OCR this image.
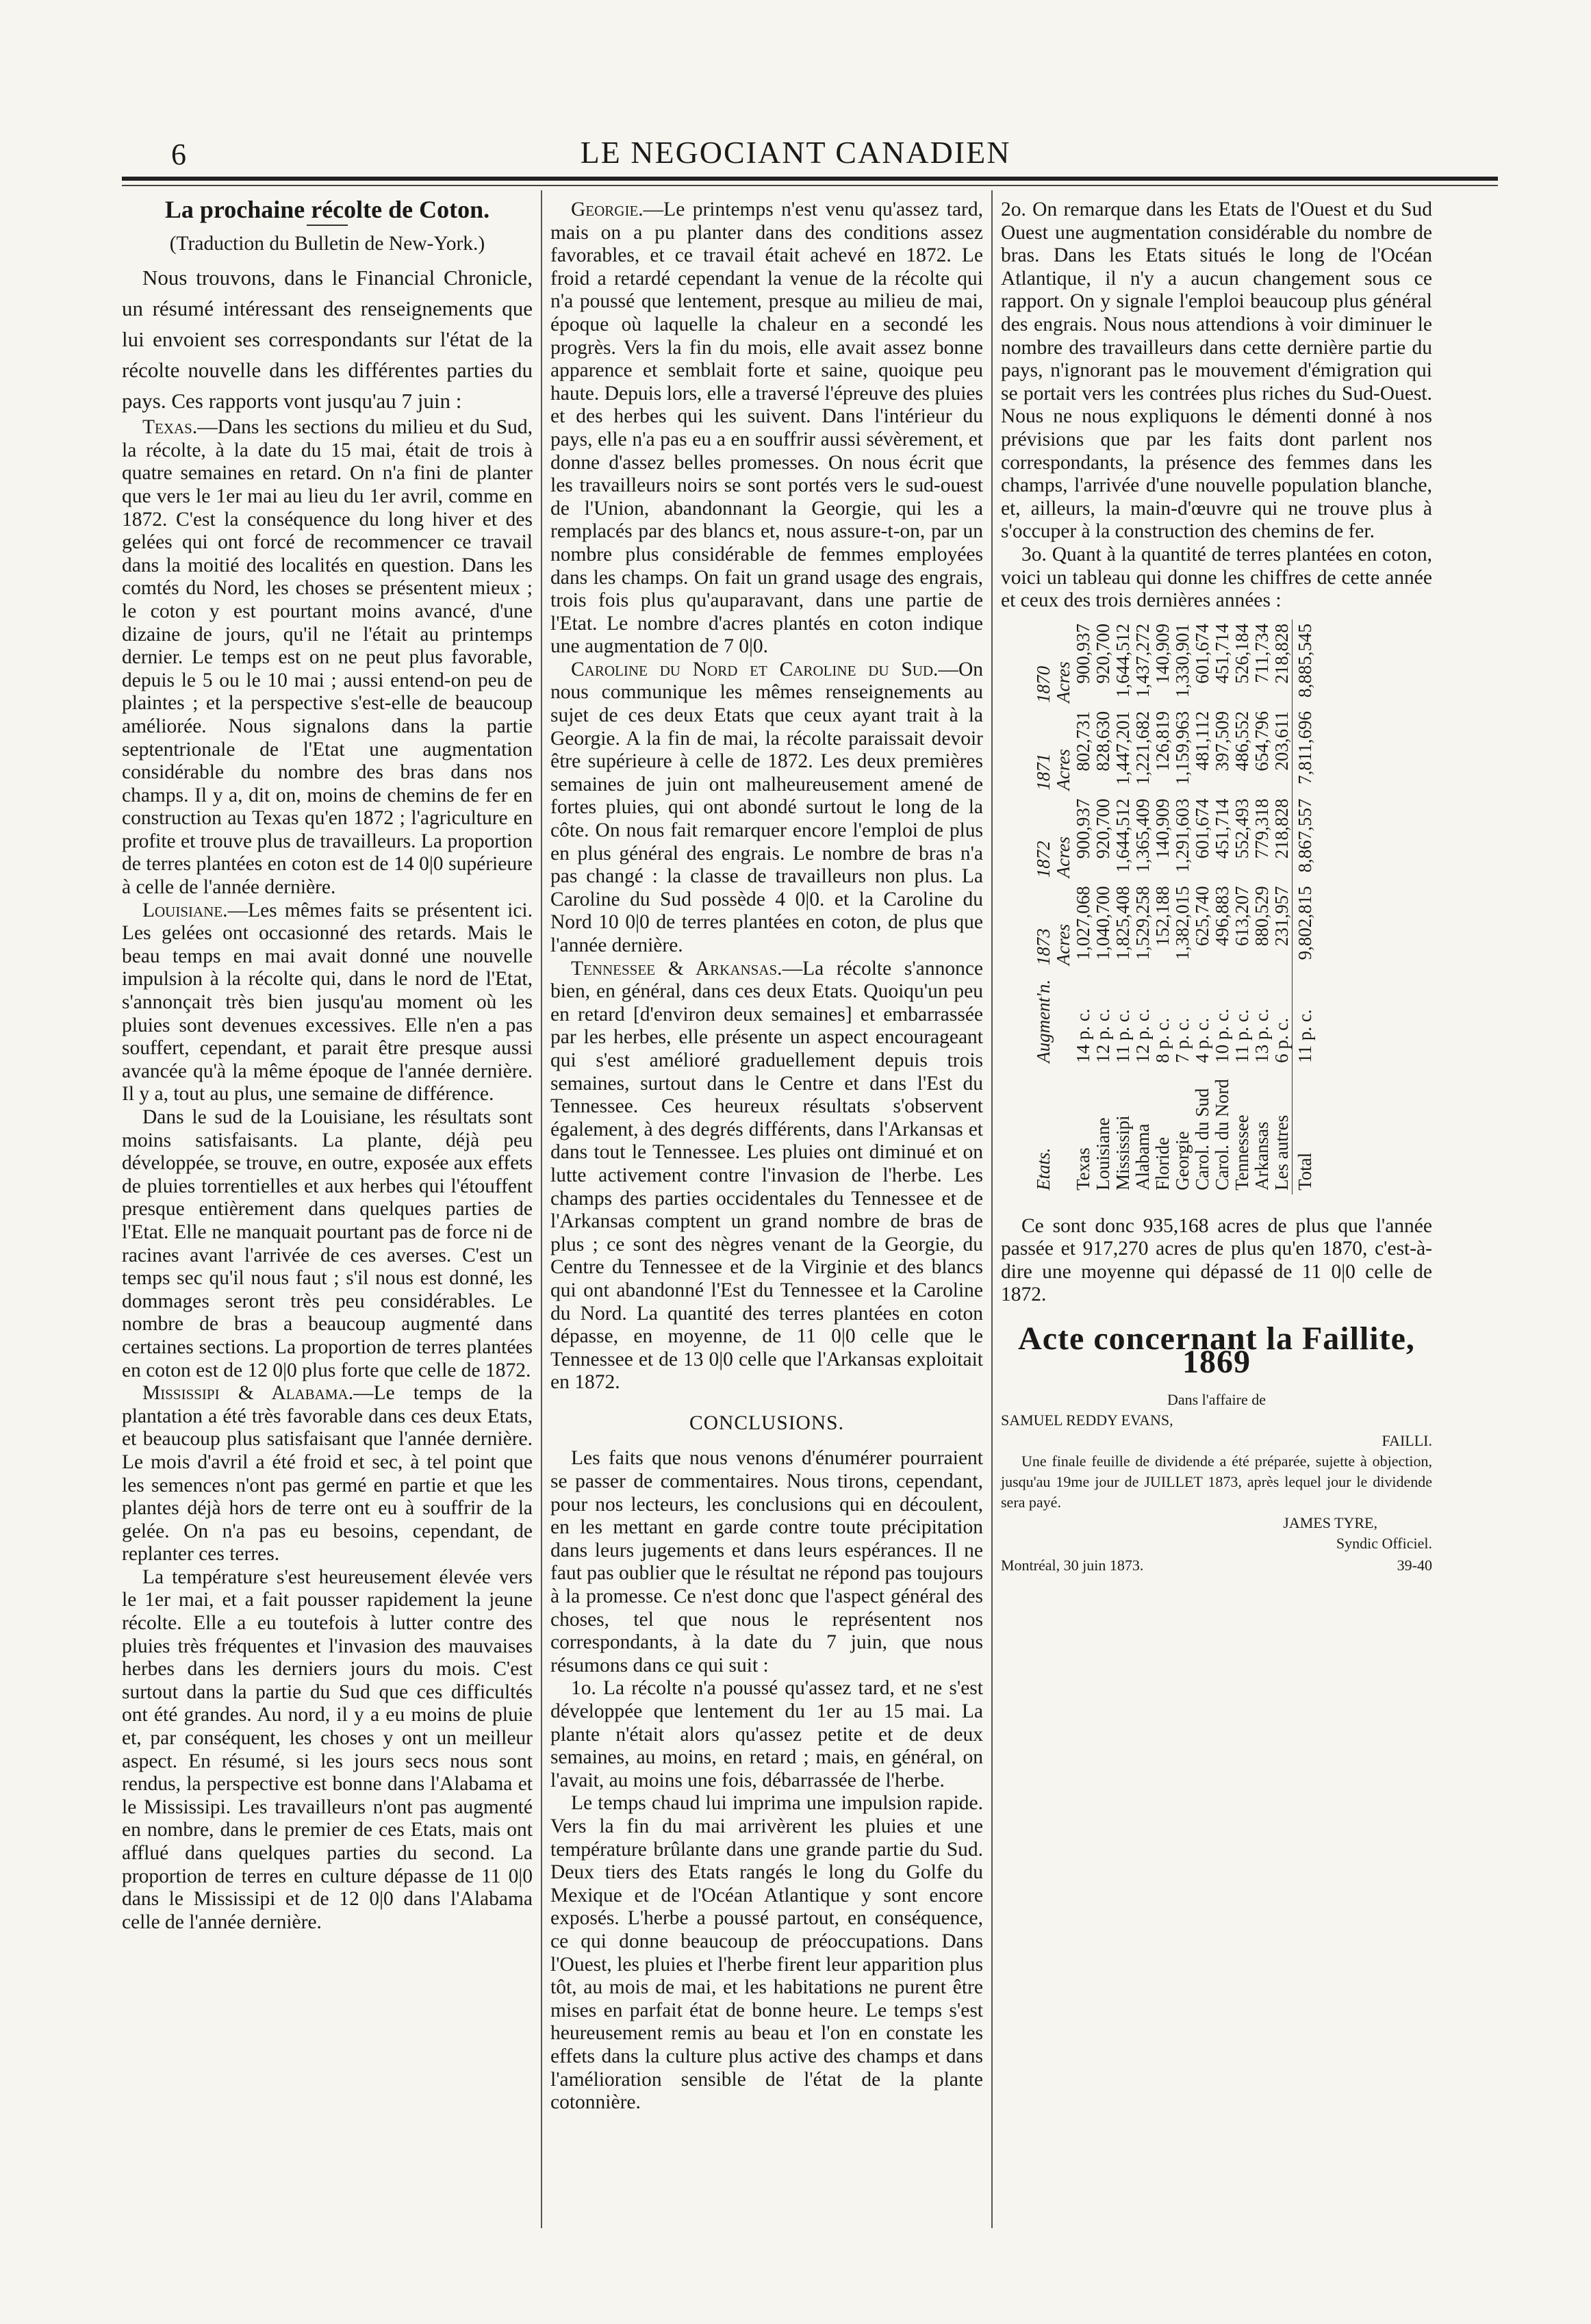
6	LE NEGOCIANT CANADIEN

La prochaine récolte de Coton.

(Traduction du Bulletin de New-York.)

Nous trouvons, dans le Financial Chronicle, un résumé intéressant des renseignements que lui envoient ses correspondants sur l'état de la récolte nouvelle dans les différentes parties du pays. Ces rapports vont jusqu'au 7 juin :

Texas.—Dans les sections du milieu et du Sud, la récolte, à la date du 15 mai, était de trois à quatre semaines en retard. On n'a fini de planter que vers le 1er mai au lieu du 1er avril, comme en 1872. C'est la conséquence du long hiver et des gelées qui ont forcé de recommencer ce travail dans la moitié des localités en question. Dans les comtés du Nord, les choses se présentent mieux ; le coton y est pourtant moins avancé, d'une dizaine de jours, qu'il ne l'était au printemps dernier. Le temps est on ne peut plus favorable, depuis le 5 ou le 10 mai ; aussi entend-on peu de plaintes ; et la perspective s'est-elle de beaucoup améliorée. Nous signalons dans la partie septentrionale de l'Etat une augmentation considérable du nombre des bras dans nos champs. Il y a, dit on, moins de chemins de fer en construction au Texas qu'en 1872 ; l'agriculture en profite et trouve plus de travailleurs. La proportion de terres plantées en coton est de 14 0|0 supérieure à celle de l'année dernière.

Louisiane.—Les mêmes faits se présentent ici. Les gelées ont occasionné des retards. Mais le beau temps en mai avait donné une nouvelle impulsion à la récolte qui, dans le nord de l'Etat, s'annonçait très bien jusqu'au moment où les pluies sont devenues excessives. Elle n'en a pas souffert, cependant, et parait être presque aussi avancée qu'à la même époque de l'année dernière. Il y a, tout au plus, une semaine de différence.

Dans le sud de la Louisiane, les résultats sont moins satisfaisants. La plante, déjà peu développée, se trouve, en outre, exposée aux effets de pluies torrentielles et aux herbes qui l'étouffent presque entièrement dans quelques parties de l'Etat. Elle ne manquait pourtant pas de force ni de racines avant l'arrivée de ces averses. C'est un temps sec qu'il nous faut ; s'il nous est donné, les dommages seront très peu considérables. Le nombre de bras a beaucoup augmenté dans certaines sections. La proportion de terres plantées en coton est de 12 0|0 plus forte que celle de 1872.

Mississipi & Alabama.—Le temps de la plantation a été très favorable dans ces deux Etats, et beaucoup plus satisfaisant que l'année dernière. Le mois d'avril a été froid et sec, à tel point que les semences n'ont pas germé en partie et que les plantes déjà hors de terre ont eu à souffrir de la gelée. On n'a pas eu besoins, cependant, de replanter ces terres.

La température s'est heureusement élevée vers le 1er mai, et a fait pousser rapidement la jeune récolte. Elle a eu toutefois à lutter contre des pluies très fréquentes et l'invasion des mauvaises herbes dans les derniers jours du mois. C'est surtout dans la partie du Sud que ces difficultés ont été grandes. Au nord, il y a eu moins de pluie et, par conséquent, les choses y ont un meilleur aspect. En résumé, si les jours secs nous sont rendus, la perspective est bonne dans l'Alabama et le Mississipi. Les travailleurs n'ont pas augmenté en nombre, dans le premier de ces Etats, mais ont afflué dans quelques parties du second. La proportion de terres en culture dépasse de 11 0|0 dans le Mississipi et de 12 0|0 dans l'Alabama celle de l'année dernière.

Georgie.—Le printemps n'est venu qu'assez tard, mais on a pu planter dans des conditions assez favorables, et ce travail était achevé en 1872. Le froid a retardé cependant la venue de la récolte qui n'a poussé que lentement, presque au milieu de mai, époque où laquelle la chaleur en a secondé les progrès. Vers la fin du mois, elle avait assez bonne apparence et semblait forte et saine, quoique peu haute. Depuis lors, elle a traversé l'épreuve des pluies et des herbes qui les suivent. Dans l'intérieur du pays, elle n'a pas eu a en souffrir aussi sévèrement, et donne d'assez belles promesses. On nous écrit que les travailleurs noirs se sont portés vers le sud-ouest de l'Union, abandonnant la Georgie, qui les a remplacés par des blancs et, nous assure-t-on, par un nombre plus considérable de femmes employées dans les champs. On fait un grand usage des engrais, trois fois plus qu'auparavant, dans une partie de l'Etat. Le nombre d'acres plantés en coton indique une augmentation de 7 0|0.

Caroline du Nord et Caroline du Sud.—On nous communique les mêmes renseignements au sujet de ces deux Etats que ceux ayant trait à la Georgie. A la fin de mai, la récolte paraissait devoir être supérieure à celle de 1872. Les deux premières semaines de juin ont malheureusement amené de fortes pluies, qui ont abondé surtout le long de la côte. On nous fait remarquer encore l'emploi de plus en plus général des engrais. Le nombre de bras n'a pas changé : la classe de travailleurs non plus. La Caroline du Sud possède 4 0|0. et la Caroline du Nord 10 0|0 de terres plantées en coton, de plus que l'année dernière.

Tennessee & Arkansas.—La récolte s'annonce bien, en général, dans ces deux Etats. Quoiqu'un peu en retard [d'environ deux semaines] et embarrassée par les herbes, elle présente un aspect encourageant qui s'est amélioré graduellement depuis trois semaines, surtout dans le Centre et dans l'Est du Tennessee. Ces heureux résultats s'observent également, à des degrés différents, dans l'Arkansas et dans tout le Tennessee. Les pluies ont diminué et on lutte activement contre l'invasion de l'herbe. Les champs des parties occidentales du Tennessee et de l'Arkansas comptent un grand nombre de bras de plus ; ce sont des nègres venant de la Georgie, du Centre du Tennessee et de la Virginie et des blancs qui ont abandonné l'Est du Tennessee et la Caroline du Nord. La quantité des terres plantées en coton dépasse, en moyenne, de 11 0|0 celle que le Tennessee et de 13 0|0 celle que l'Arkansas exploitait en 1872.

CONCLUSIONS.

Les faits que nous venons d'énumérer pourraient se passer de commentaires. Nous tirons, cependant, pour nos lecteurs, les conclusions qui en découlent, en les mettant en garde contre toute précipitation dans leurs jugements et dans leurs espérances. Il ne faut pas oublier que le résultat ne répond pas toujours à la promesse. Ce n'est donc que l'aspect général des choses, tel que nous le représentent nos correspondants, à la date du 7 juin, que nous résumons dans ce qui suit :

1o. La récolte n'a poussé qu'assez tard, et ne s'est développée que lentement du 1er au 15 mai. La plante n'était alors qu'assez petite et de deux semaines, au moins, en retard ; mais, en général, on l'avait, au moins une fois, débarrassée de l'herbe.

Le temps chaud lui imprima une impulsion rapide. Vers la fin du mai arrivèrent les pluies et une température brûlante dans une grande partie du Sud. Deux tiers des Etats rangés le long du Golfe du Mexique et de l'Océan Atlantique y sont encore exposés. L'herbe a poussé partout, en conséquence, ce qui donne beaucoup de préoccupations. Dans l'Ouest, les pluies et l'herbe firent leur apparition plus tôt, au mois de mai, et les habitations ne purent être mises en parfait état de bonne heure. Le temps s'est heureusement remis au beau et l'on en constate les effets dans la culture plus active des champs et dans l'amélioration sensible de l'état de la plante cotonnière.

2o. On remarque dans les Etats de l'Ouest et du Sud Ouest une augmentation considérable du nombre de bras. Dans les Etats situés le long de l'Océan Atlantique, il n'y a aucun changement sous ce rapport. On y signale l'emploi beaucoup plus général des engrais. Nous nous attendions à voir diminuer le nombre des travailleurs dans cette dernière partie du pays, n'ignorant pas le mouvement d'émigration qui se portait vers les contrées plus riches du Sud-Ouest. Nous ne nous expliquons le démenti donné à nos prévisions que par les faits dont parlent nos correspondants, la présence des femmes dans les champs, l'arrivée d'une nouvelle population blanche, et, ailleurs, la main-d'œuvre qui ne trouve plus à s'occuper à la construction des chemins de fer.

3o. Quant à la quantité de terres plantées en coton, voici un tableau qui donne les chiffres de cette année et ceux des trois dernières années :

Etats.	Augment'n.	1873	1872	1871	1870
		Acres	Acres	Acres	Acres
Texas	14 p. c.	1,027,068	900,937	802,731	900,937
Louisiane	12 p. c.	1,040,700	920,700	828,630	920,700
Mississipi	11 p. c.	1,825,408	1,644,512	1,447,201	1,644,512
Alabama	12 p. c.	1,529,258	1,365,409	1,221,682	1,437,272
Floride	8 p. c.	152,188	140,909	126,819	140,909
Georgie	7 p. c.	1,382,015	1,291,603	1,159,963	1,330,901
Carol. du Sud	4 p. c.	625,740	601,674	481,112	601,674
Carol. du Nord	10 p. c.	496,883	451,714	397,509	451,714
Tennessee	11 p. c.	613,207	552,493	486,552	526,184
Arkansas	13 p. c.	880,529	779,318	654,796	711,734
Les autres	6 p. c.	231,957	218,828	203,611	218,828
Total	11 p. c.	9,802,815	8,867,557	7,811,696	8,885,545

Ce sont donc 935,168 acres de plus que l'année passée et 917,270 acres de plus qu'en 1870, c'est-à-dire une moyenne qui dépassé de 11 0|0 celle de 1872.

Acte concernant la Faillite, 1869

Dans l'affaire de

SAMUEL REDDY EVANS,

FAILLI.

Une finale feuille de dividende a été préparée, sujette à objection, jusqu'au 19me jour de JUILLET 1873, après lequel jour le dividende sera payé.

JAMES TYRE,

Syndic Officiel.

Montréal, 30 juin 1873.	39-40
